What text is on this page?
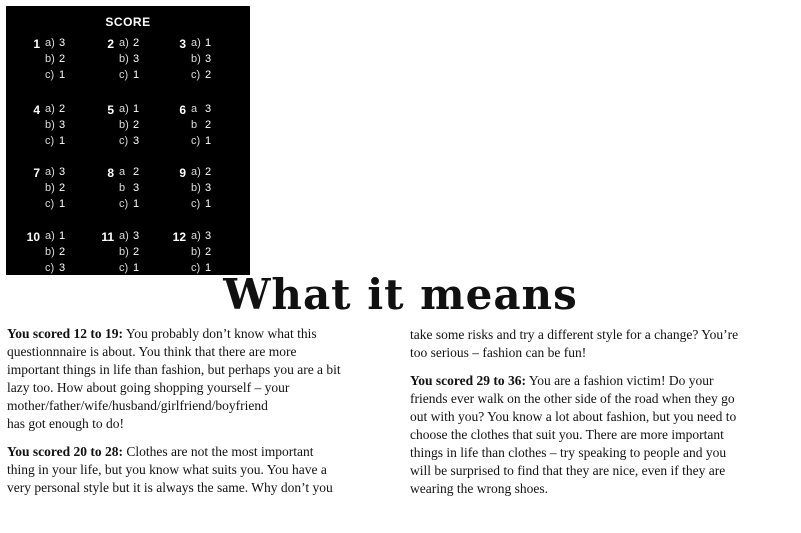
SCORE
1 a) 3
b) 2
c) 1
2 a) 2
b) 3
c) 1
3 a) 1
b) 3
c) 2
4 a) 2
b) 3
c) 1
5 a) 1
b) 2
c) 3
6 a 3
b 2
c) 1
7 a) 3
b) 2
c) 1
8 a 2
b 3
c) 1
9 a) 2
b) 3
c) 1
10 a) 1
b) 2
c) 3
11 a) 3
b) 2
c) 1
12 a) 3
b) 2
c) 1
What it means

You scored 12 to 19: You probably don’t know what this
questionnnaire is about. You think that there are more
important things in life than fashion, but perhaps you are a bit
lazy too. How about going shopping yourself – your
mother/father/wife/husband/girlfriend/boyfriend
has got enough to do!

You scored 20 to 28: Clothes are not the most important
thing in your life, but you know what suits you. You have a
very personal style but it is always the same. Why don’t you

take some risks and try a different style for a change? You’re
too serious – fashion can be fun!

You scored 29 to 36: You are a fashion victim! Do your
friends ever walk on the other side of the road when they go
out with you? You know a lot about fashion, but you need to
choose the clothes that suit you. There are more important
things in life than clothes – try speaking to people and you
will be surprised to find that they are nice, even if they are
wearing the wrong shoes.
